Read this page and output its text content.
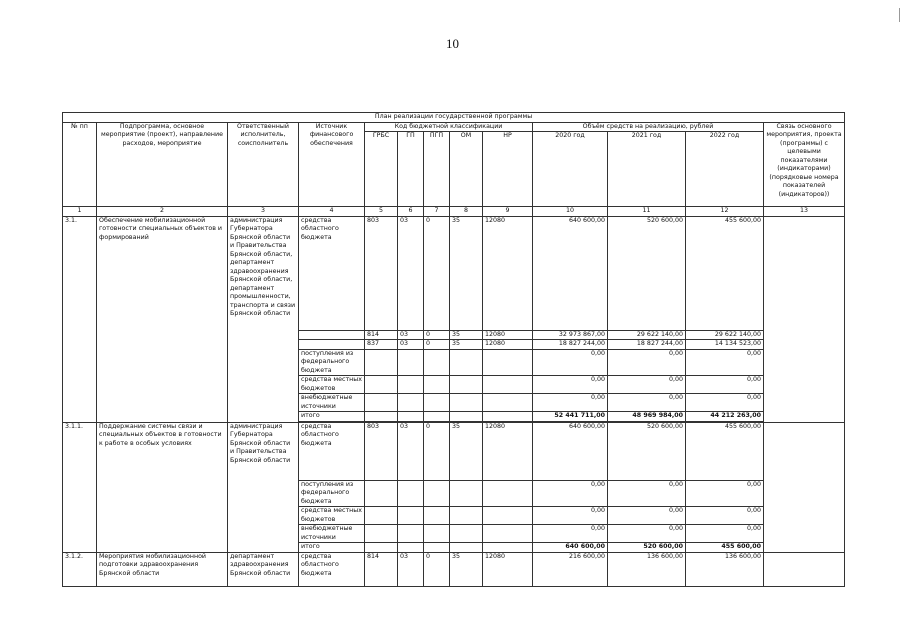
10
План реализации государственной программы												
№ пп	Подпрограмма, основное мероприятие (проект), направление расходов, мероприятие	Ответственный исполнитель, соисполнитель	Источник финансового обеспечения	Код бюджетной классификации					Объём средств на реализацию, рублей			Связь основного мероприятия, проекта (программы) с целевыми показателями (индикаторами) (порядковые номера показателей (индикаторов))
				ГРБС	ГП	ПГП	ОМ	НР	2020 год	2021 год	2022 год	
1	2	3	4	5	6	7	8	9	10	11	12	13
3.1.	Обеспечение мобилизационной готовности специальных объектов и формирований	администрация Губернатора Брянской области и Правительства Брянской области, департамент здравоохранения Брянской области, департамент промышленности, транспорта и связи Брянской области	средства областного бюджета	803	03	0	35	12080	640 600,00	520 600,00	455 600,00	
				814	03	0	35	12080	32 973 867,00	29 622 140,00	29 622 140,00	
				837	03	0	35	12080	18 827 244,00	18 827 244,00	14 134 523,00	
			поступления из федерального бюджета						0,00	0,00	0,00	
			средства местных бюджетов						0,00	0,00	0,00	
			внебюджетные источники						0,00	0,00	0,00	
			итого						52 441 711,00	48 969 984,00	44 212 263,00	

3.1.1.	Поддержание системы связи и специальных объектов в готовности к работе в особых условиях	администрация Губернатора Брянской области и Правительства Брянской области	средства областного бюджета	803	03	0	35	12080	640 600,00	520 600,00	455 600,00	
			поступления из федерального бюджета						0,00	0,00	0,00	
			средства местных бюджетов						0,00	0,00	0,00	
			внебюджетные источники						0,00	0,00	0,00	
			итого						640 600,00	520 600,00	455 600,00	
3.1.2.	Мероприятия мобилизационной подготовки здравоохранения Брянской области	департамент здравоохранения Брянской области	средства областного бюджета	814	03	0	35	12080	216 600,00	136 600,00	136 600,00	
